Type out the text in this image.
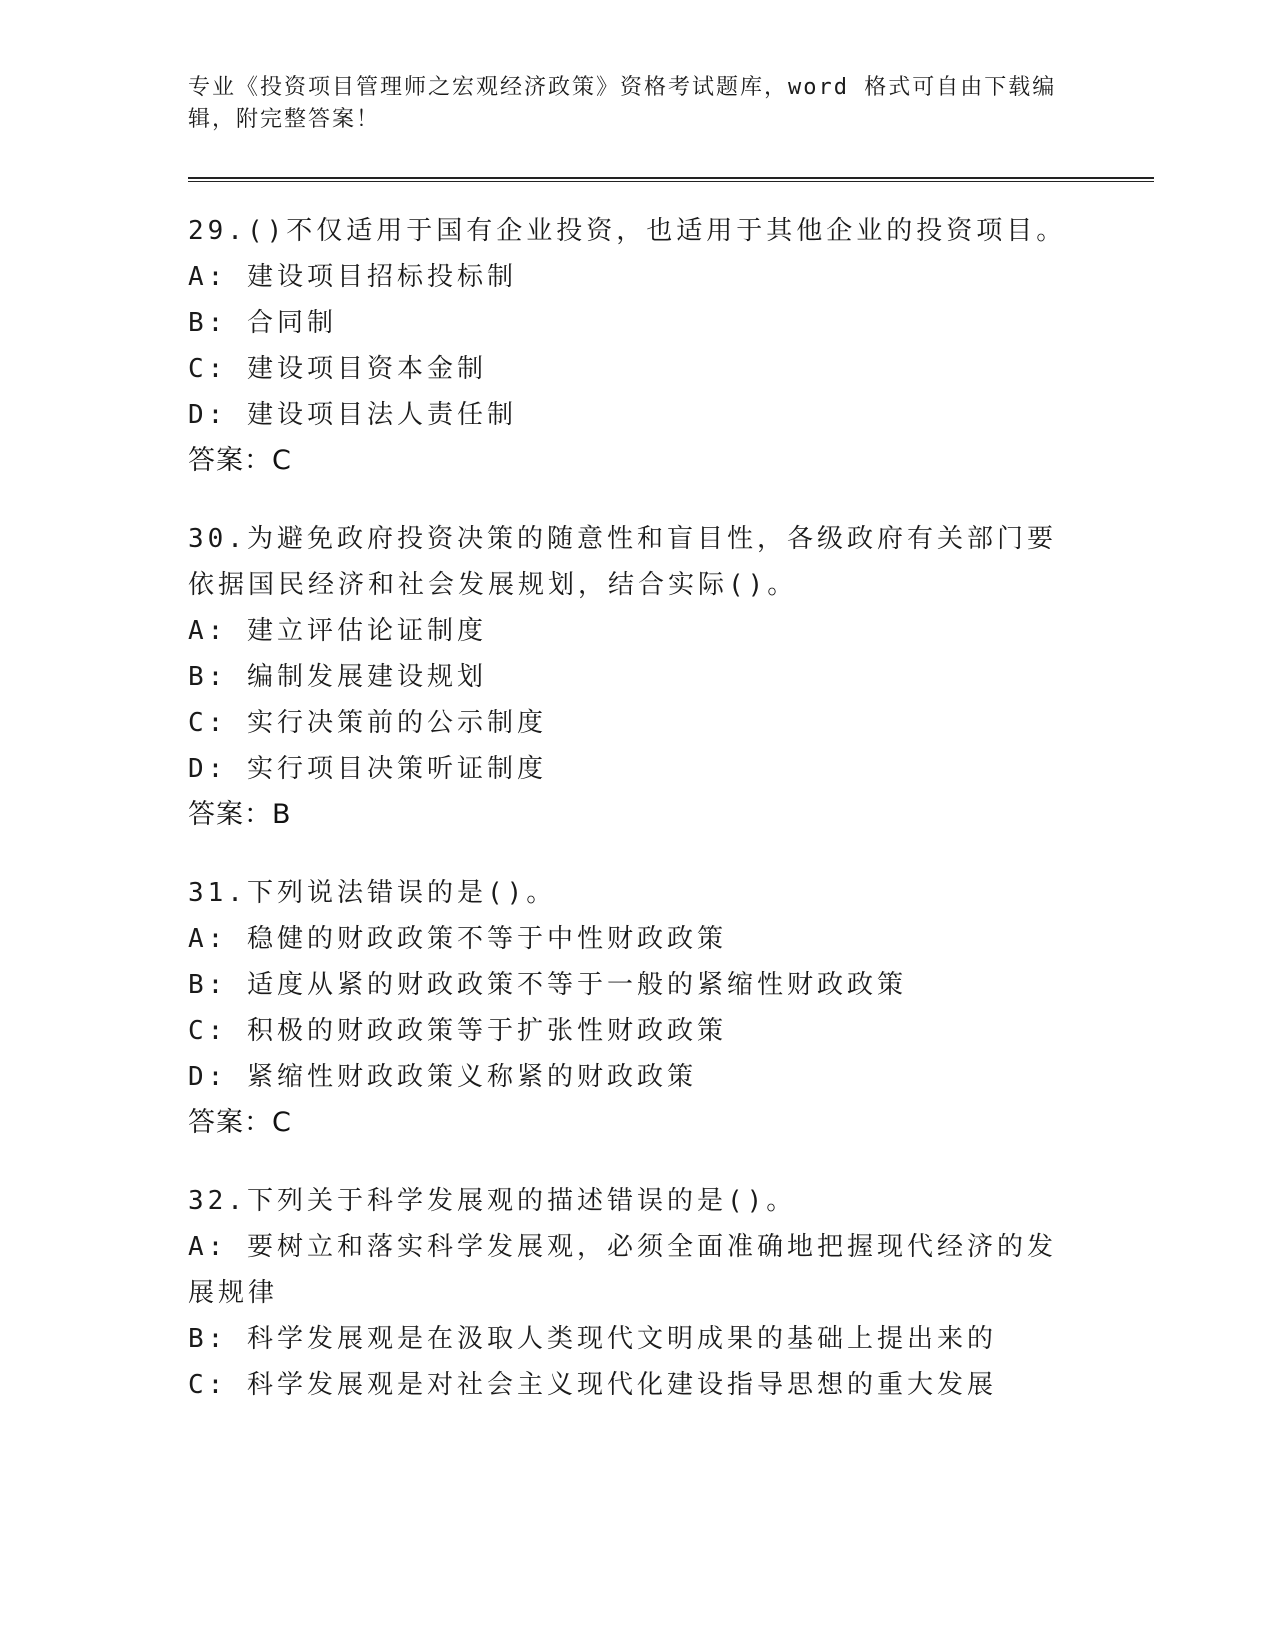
专业《投资项目管理师之宏观经济政策》资格考试题库，word 格式可自由下载编
辑，附完整答案！
29.()不仅适用于国有企业投资，也适用于其他企业的投资项目。
A: 建设项目招标投标制
B: 合同制
C: 建设项目资本金制
D: 建设项目法人责任制
答案：C
30.为避免政府投资决策的随意性和盲目性，各级政府有关部门要依据国民经济和社会发展规划，结合实际()。
A: 建立评估论证制度
B: 编制发展建设规划
C: 实行决策前的公示制度
D: 实行项目决策听证制度
答案：B
31.下列说法错误的是()。
A: 稳健的财政政策不等于中性财政政策
B: 适度从紧的财政政策不等于一般的紧缩性财政政策
C: 积极的财政政策等于扩张性财政政策
D: 紧缩性财政政策义称紧的财政政策
答案：C
32.下列关于科学发展观的描述错误的是()。
A: 要树立和落实科学发展观，必须全面准确地把握现代经济的发展规律
B: 科学发展观是在汲取人类现代文明成果的基础上提出来的
C: 科学发展观是对社会主义现代化建设指导思想的重大发展
